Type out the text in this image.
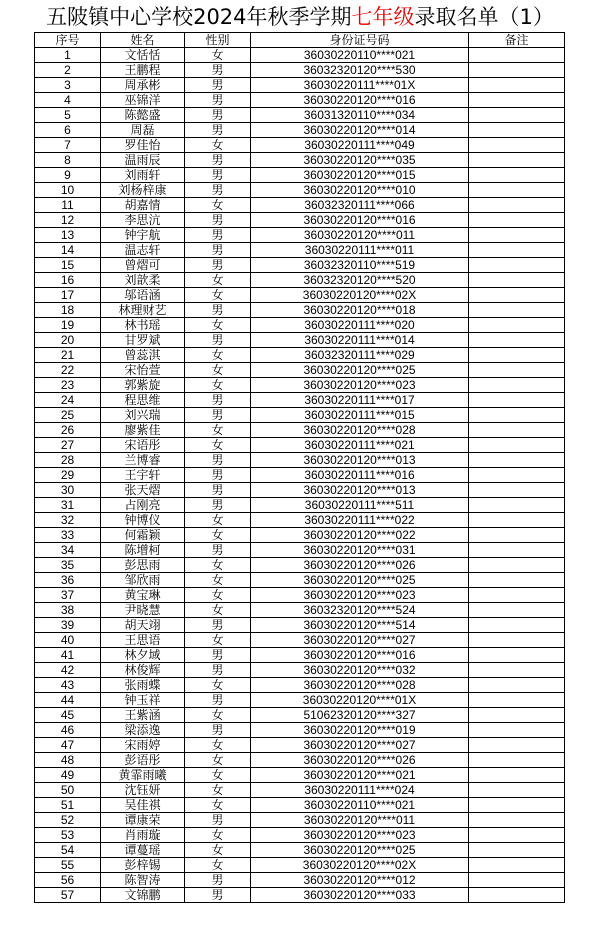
五陂镇中心学校2024年秋季学期七年级录取名单（1）
序号	姓名	性别	身份证号码	备注
1	文恬恬	女	36030220110****021	
2	王鹏程	男	36032320120****530	
3	周承彬	男	36030220111****01X	
4	巫锦洋	男	36030220120****016	
5	陈懿盛	男	36031320110****034	
6	周磊	男	36030220120****014	
7	罗佳怡	女	36030220111****049	
8	温雨辰	男	36030220120****035	
9	刘雨轩	男	36030220120****015	
10	刘杨梓康	男	36030220120****010	
11	胡嘉情	女	36032320111****066	
12	李思沆	男	36030220120****016	
13	钟宇航	男	36030220120****011	
14	温志轩	男	36030220111****011	
15	曾熠可	男	36032320110****519	
16	刘歆柔	女	36032320120****520	
17	邬语涵	女	36030220120****02X	
18	林理财艺	男	36030220120****018	
19	林书瑶	女	36030220111****020	
20	甘罗斌	男	36030220111****014	
21	曾蕊淇	女	36032320111****029	
22	宋怡萱	女	36030220120****025	
23	郭紫旋	女	36030220120****023	
24	程思维	男	36030220111****017	
25	刘兴瑞	男	36030220111****015	
26	廖紫佳	女	36030220120****028	
27	宋语彤	女	36030220111****021	
28	兰博睿	男	36030220120****013	
29	王宇轩	男	36030220111****016	
30	张天熠	男	36030220120****013	
31	占刚亮	男	36030220111****511	
32	钟博仪	女	36030220111****022	
33	何霜颖	女	36030220120****022	
34	陈增柯	男	36030220120****031	
35	彭思雨	女	36030220120****026	
36	邹欣雨	女	36030220120****025	
37	黄宝琳	女	36030220120****023	
38	尹晓慧	女	36032320120****524	
39	胡天翊	男	36030220120****514	
40	王思语	女	36030220120****027	
41	林夕域	男	36030220120****016	
42	林俊辉	男	36030220120****032	
43	张雨蝶	女	36030220120****028	
44	钟玉祥	男	36030220120****01X	
45	王紫涵	女	51062320120****327	
46	梁添逸	男	36030220120****019	
47	宋雨婷	女	36030220120****027	
48	彭语彤	女	36030220120****026	
49	黄霏雨曦	女	36030220120****021	
50	沈钰妍	女	36030220111****024	
51	吴佳祺	女	36030220110****021	
52	谭康荣	男	36030220120****011	
53	肖雨璇	女	36030220120****023	
54	谭蔓瑶	女	36030220120****025	
55	彭梓锡	女	36030220120****02X	
56	陈智涛	男	36030220120****012	
57	文锦鹏	男	36030220120****033	
